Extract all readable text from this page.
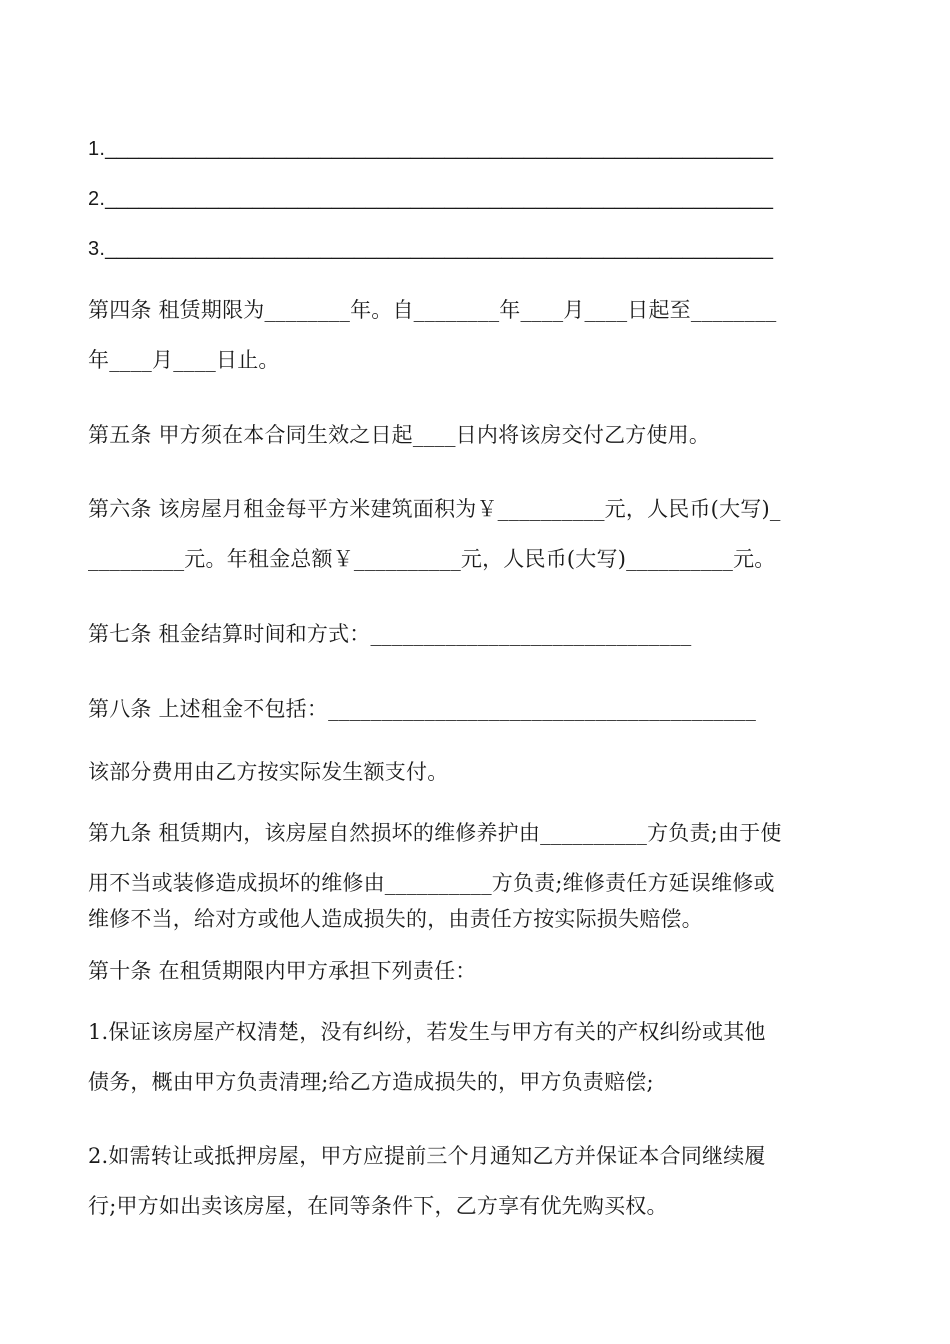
1.___________________________________________________________
2.___________________________________________________________
3.___________________________________________________________
第四条 租赁期限为________年。自________年____月____日起至________
年____月____日止。
第五条 甲方须在本合同生效之日起____日内将该房交付乙方使用。
第六条 该房屋月租金每平方米建筑面积为￥__________元，人民币(大写)_
_________元。年租金总额￥__________元，人民币(大写)__________元。
第七条 租金结算时间和方式：______________________________
第八条 上述租金不包括：________________________________________
该部分费用由乙方按实际发生额支付。
第九条 租赁期内，该房屋自然损坏的维修养护由__________方负责;由于使
用不当或装修造成损坏的维修由__________方负责;维修责任方延误维修或
维修不当，给对方或他人造成损失的，由责任方按实际损失赔偿。
第十条 在租赁期限内甲方承担下列责任：
1.保证该房屋产权清楚，没有纠纷，若发生与甲方有关的产权纠纷或其他
债务，概由甲方负责清理;给乙方造成损失的，甲方负责赔偿;
2.如需转让或抵押房屋，甲方应提前三个月通知乙方并保证本合同继续履
行;甲方如出卖该房屋，在同等条件下，乙方享有优先购买权。
